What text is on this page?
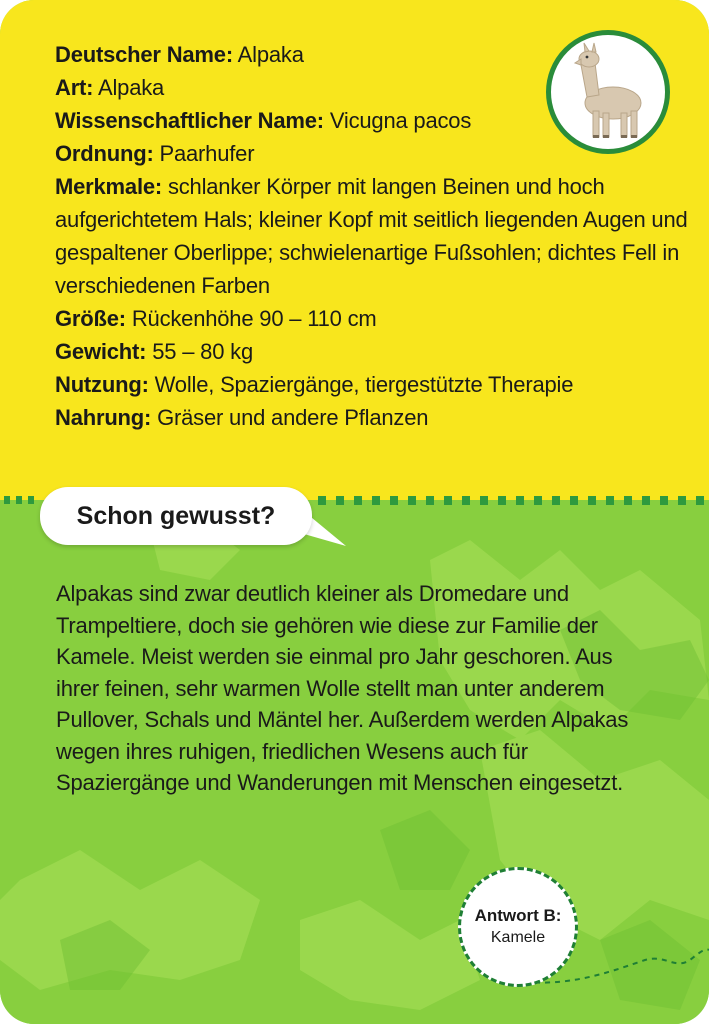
Deutscher Name: Alpaka
Art: Alpaka
Wissenschaftlicher Name: Vicugna pacos
Ordnung: Paarhufer
Merkmale: schlanker Körper mit langen Beinen und hoch aufgerichtetem Hals; kleiner Kopf mit seitlich liegenden Augen und gespaltener Oberlippe; schwielenartige Fußsohlen; dichtes Fell in verschiedenen Farben
Größe: Rückenhöhe 90 – 110 cm
Gewicht: 55 – 80 kg
Nutzung: Wolle, Spaziergänge, tiergestützte Therapie
Nahrung: Gräser und andere Pflanzen
Schon gewusst?
Alpakas sind zwar deutlich kleiner als Dromedare und Trampeltiere, doch sie gehören wie diese zur Familie der Kamele. Meist werden sie einmal pro Jahr geschoren. Aus ihrer feinen, sehr warmen Wolle stellt man unter anderem Pullover, Schals und Mäntel her. Außerdem werden Alpakas wegen ihres ruhigen, friedlichen Wesens auch für Spaziergänge und Wanderungen mit Menschen eingesetzt.
Antwort B:
Kamele
